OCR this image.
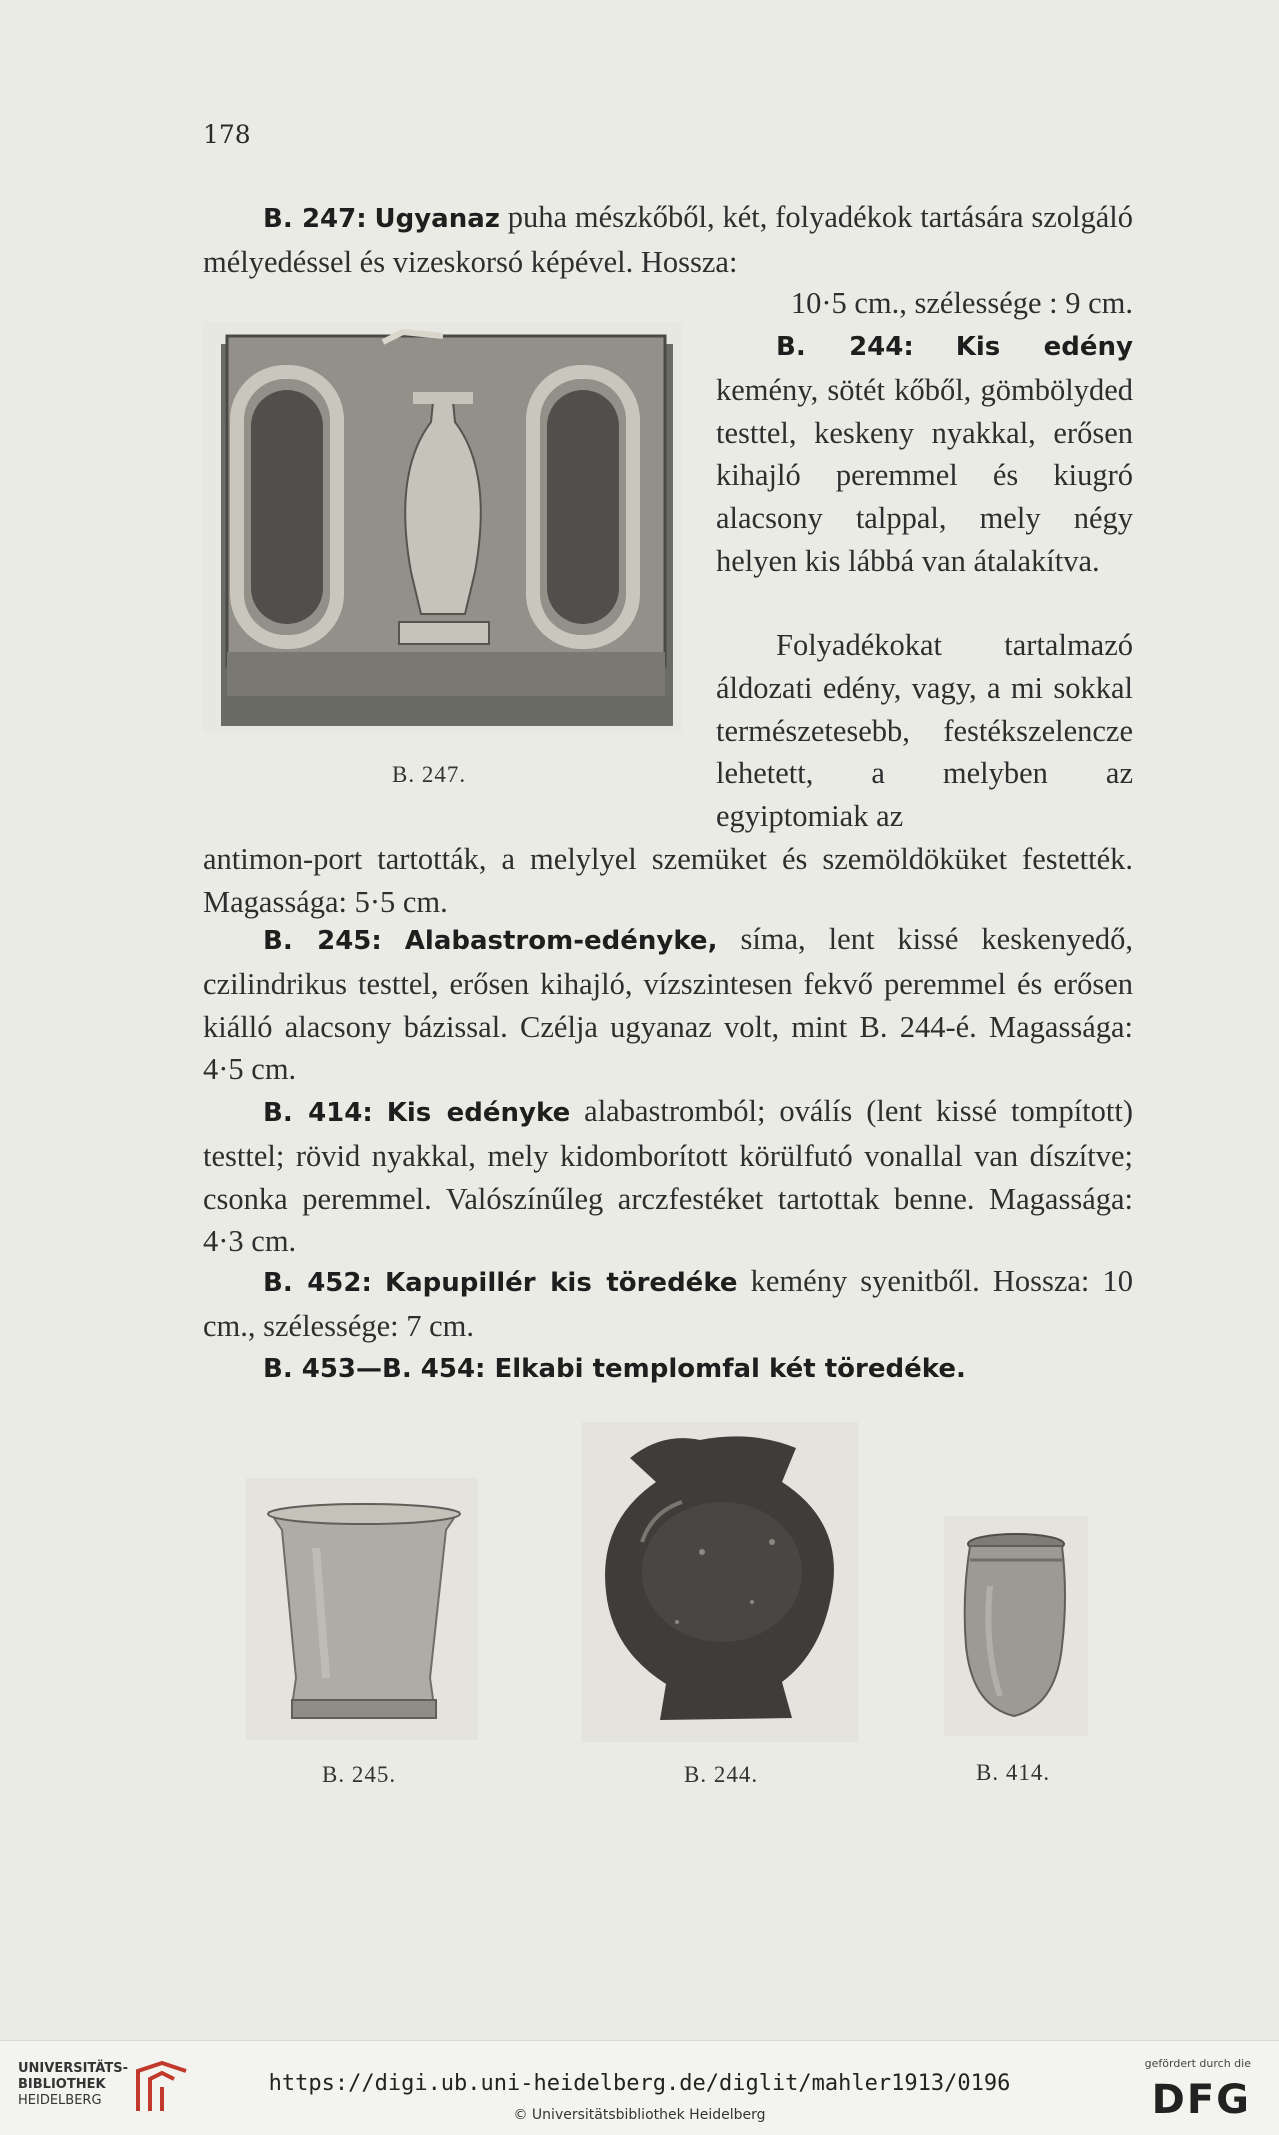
178
B. 247: Ugyanaz puha mészkőből, két, folyadékok tartására szolgáló mélyedéssel és vizeskorsó képével. Hossza:
10·5 cm., szélessége : 9 cm.
B. 247.
B. 244: Kis edény kemény, sötét kőből, gömbölyded testtel, keskeny nyakkal, erősen kihajló peremmel és kiugró alacsony talppal, mely négy helyen kis lábbá van átalakítva.
Folyadékokat tartalmazó áldozati edény, vagy, a mi sokkal természetesebb, festékszelencze lehetett, a melyben az egyiptomiak az
antimon-port tartották, a melylyel szemüket és szemöldöküket festették. Magassága: 5·5 cm.
B. 245: Alabastrom-edényke, síma, lent kissé keskenyedő, czilindrikus testtel, erősen kihajló, vízszintesen fekvő peremmel és erősen kiálló alacsony bázissal. Czélja ugyanaz volt, mint B. 244-é. Magassága: 4·5 cm.
B. 414: Kis edényke alabastromból; oválís (lent kissé tompított) testtel; rövid nyakkal, mely kidomborított körülfutó vonallal van díszítve; csonka peremmel. Valószínűleg arczfestéket tartottak benne. Magassága: 4·3 cm.
B. 452: Kapupillér kis töredéke kemény syenitből. Hossza: 10 cm., szélessége: 7 cm.
B. 453—B. 454: Elkabi templomfal két töredéke.
B. 245.	B. 244.	B. 414.
UNIVERSITÄTS-
BIBLIOTHEK
HEIDELBERG
https://digi.ub.uni-heidelberg.de/diglit/mahler1913/0196
© Universitätsbibliothek Heidelberg
gefördert durch die
DFG
